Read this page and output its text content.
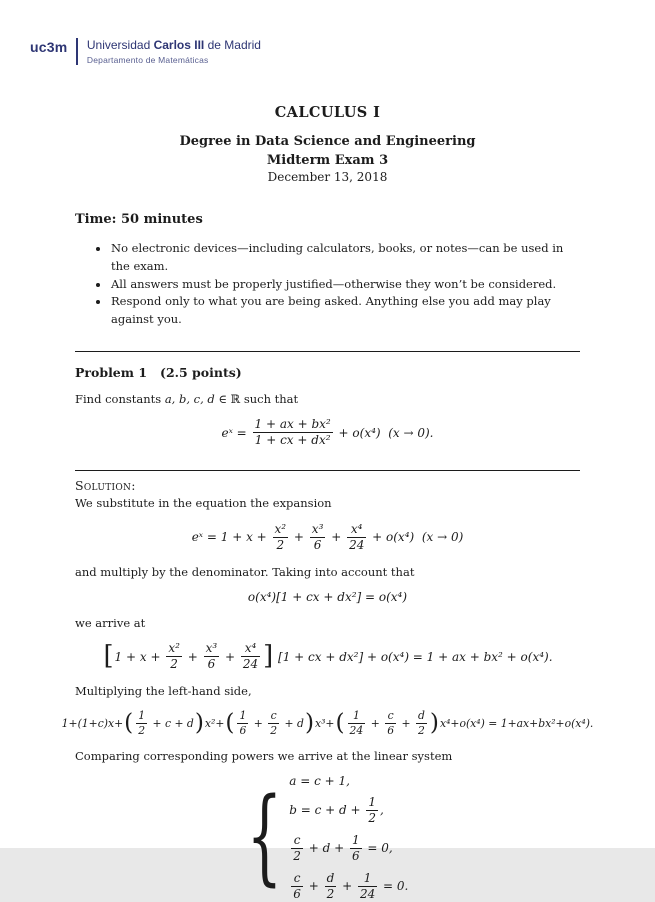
uc3m Universidad Carlos III de Madrid
Departamento de Matemáticas
CALCULUS I
Degree in Data Science and Engineering
Midterm Exam 3
December 13, 2018
Time: 50 minutes
• No electronic devices—including calculators, books, or notes—can be used in the exam.
• All answers must be properly justified—otherwise they won’t be considered.
• Respond only to what you are being asked. Anything else you add may play against you.
Problem 1 (2.5 points)

Find constants a, b, c, d ∈ ℝ such that

eˣ = $\frac{\text{1 + ax + bx²}}{\text{1 + cx + dx²}} + o(x^4) (x \to 0)$.
Solution:

We substitute in the equation the expansion

eˣ = $1 + x + \frac{\text{x²}}{2} + \frac{\text{x³}}{6} + \frac{\text{x⁴}}{24} + o(x^4) (x \to 0)$

and multiply by the denominator. Taking into account that

o(x⁴)[1 + cx + dx²] = o(x⁴)

we arrive at

[ $1 + x + \frac{\text{x²}}{2} + \frac{\text{x³}}{6} + \frac{\text{x⁴}}{24}$ ] [1 + cx + dx²] + o(x⁴) = 1 + ax + bx² + o(x⁴).

Multiplying the left-hand side,

1+(1+c)x+ ( $\frac{1}{2} + c + d$ ) x²+ ( $\frac{1}{6} + \frac{c}{2} + d$ ) x³+ ( $\frac{1}{24} + \frac{c}{6} + \frac{d}{2}$ ) x⁴+o(x⁴) = 1+ax+bx²+o(x⁴).

Comparing corresponding powers we arrive at the linear system

{ a = c + 1,
$b = c + d + \frac{1}{2}$ ,
$\frac{c}{2} + d + \frac{1}{6} = 0$,
$\frac{c}{6} + \frac{d}{2} + \frac{1}{24} = 0$.
